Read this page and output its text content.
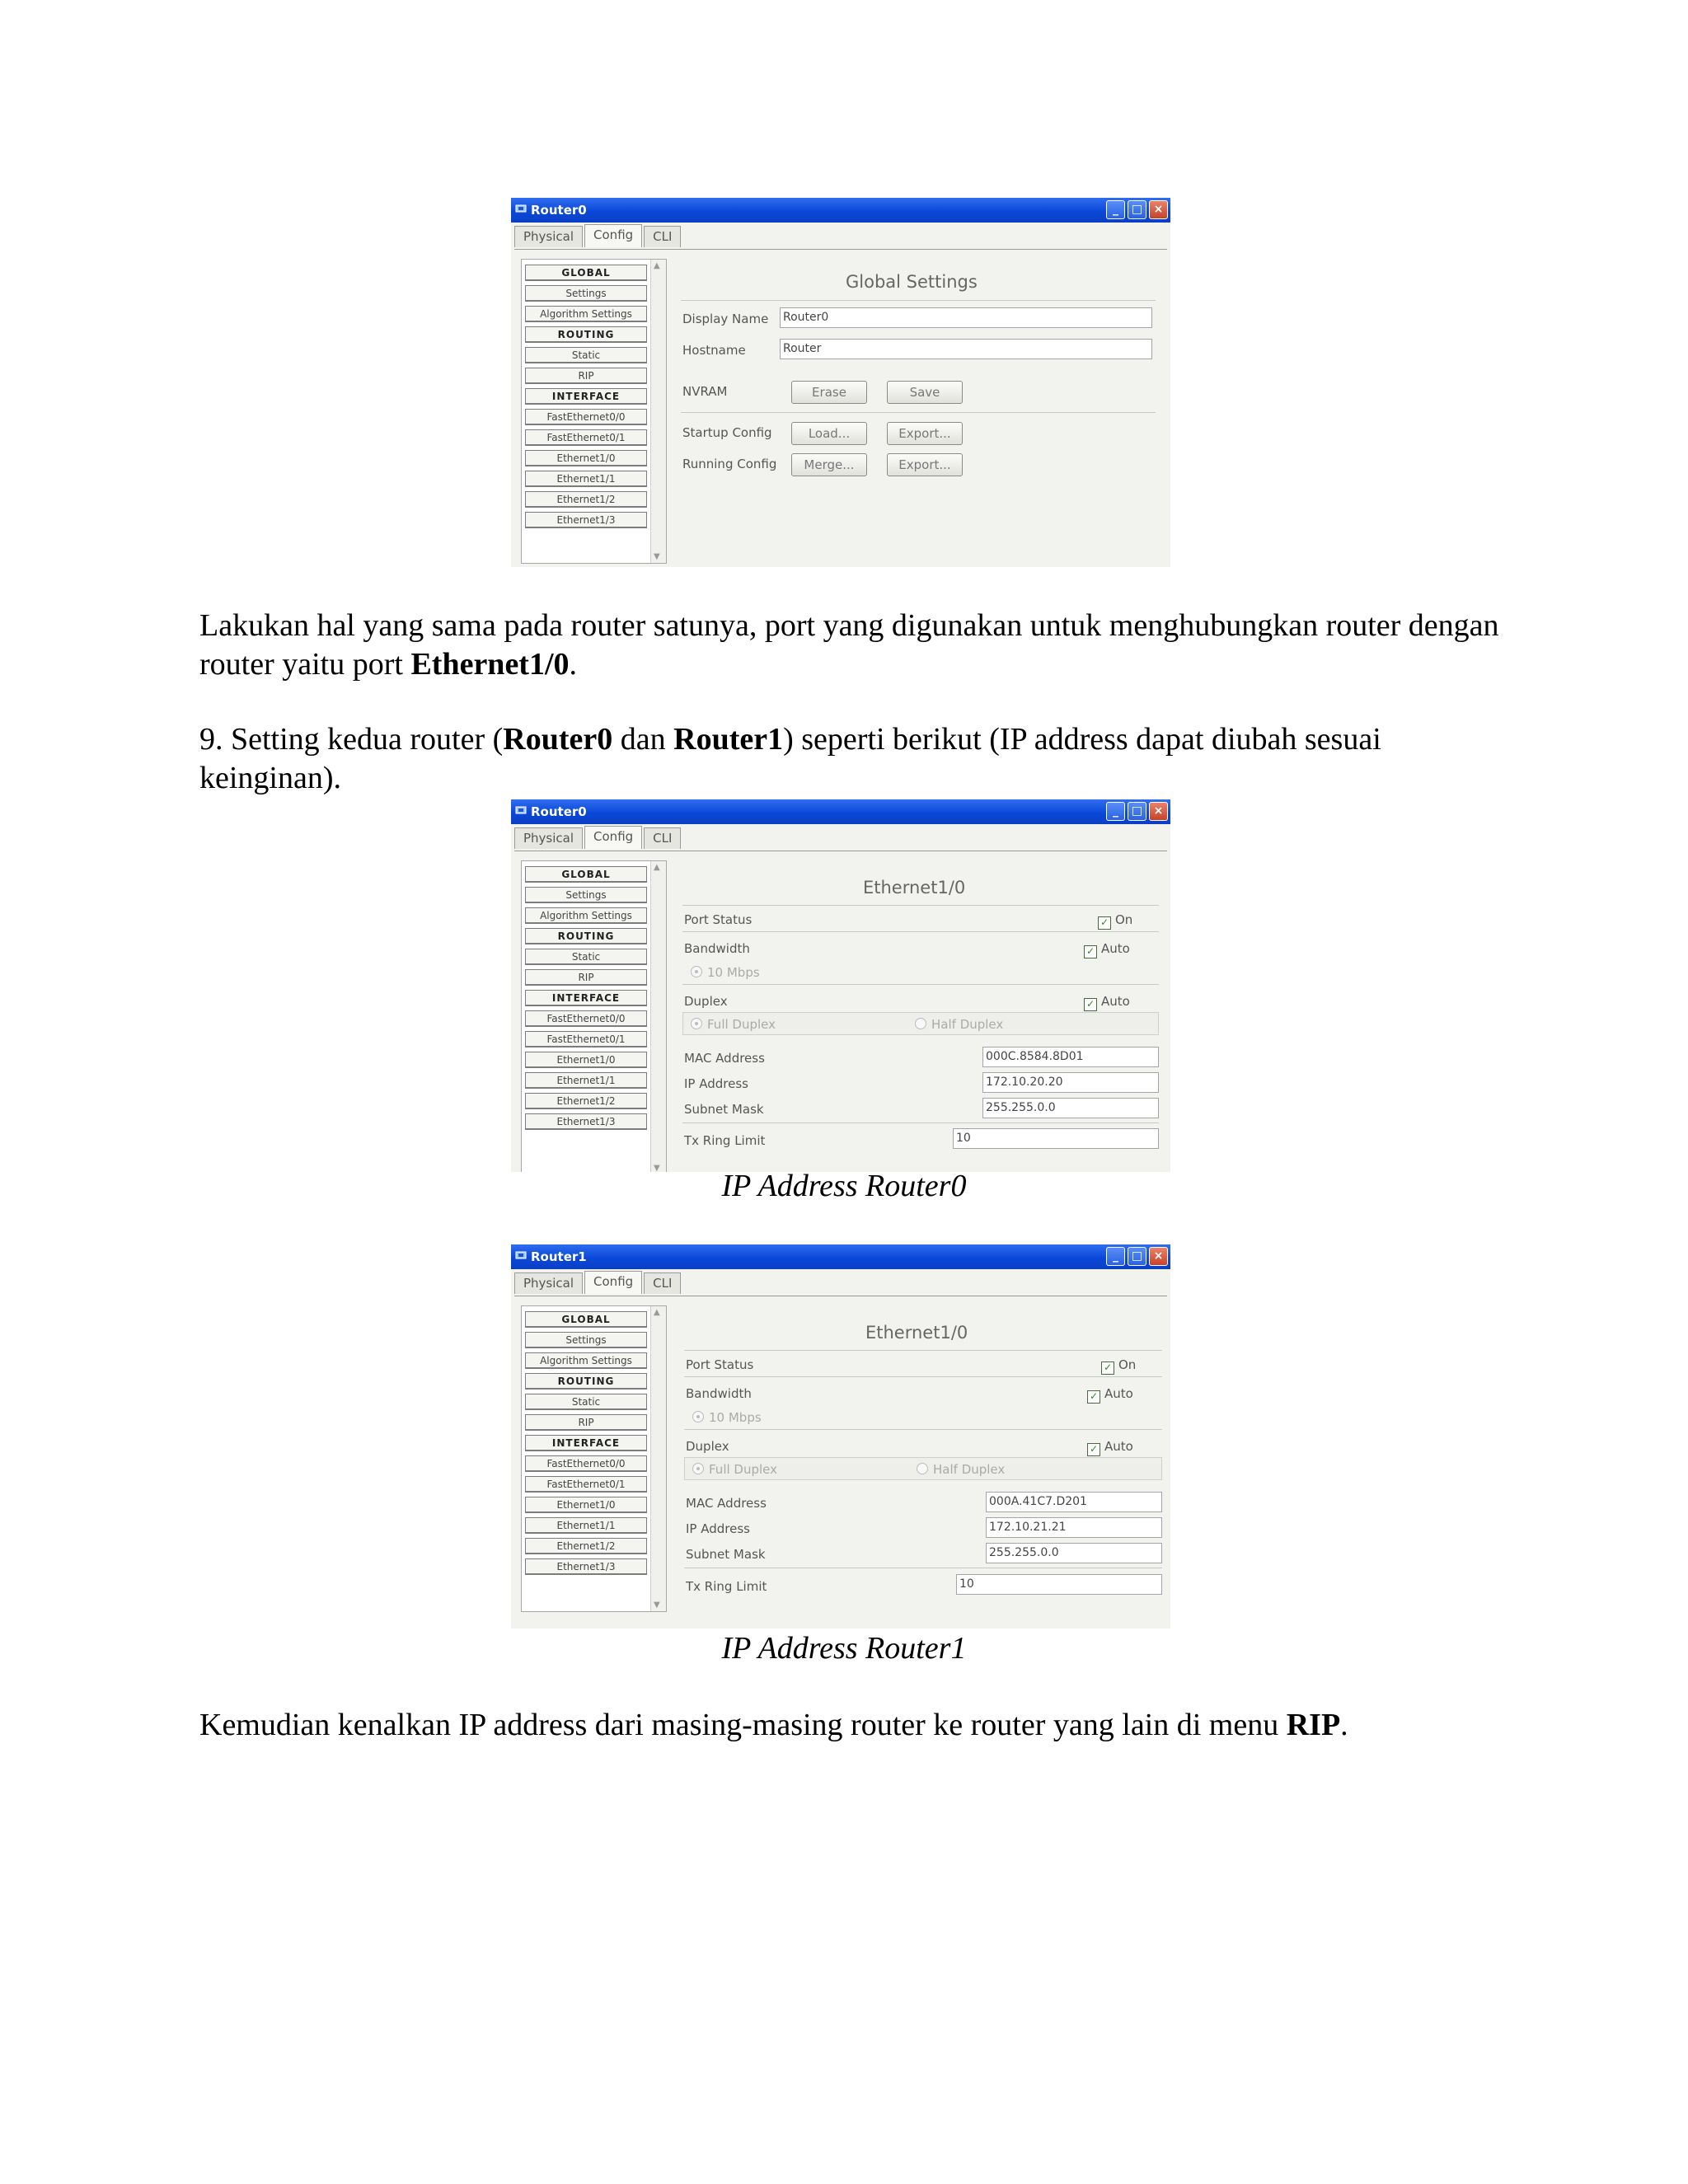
Router0	_	□ ×
Physical	Config	CLI
GLOBAL
Settings
Algorithm Settings
ROUTING
Static
RIP
INTERFACE
FastEthernet0/0
FastEthernet0/1
Ethernet1/0
Ethernet1/1
Ethernet1/2
Ethernet1/3
▲
▼
Global Settings
Display Name Router0
Hostname	Router
NVRAM	Erase	Save
Startup Config	Load...	Export...
Running Config	Merge...	Export...

Lakukan hal yang sama pada router satunya, port yang digunakan untuk menghubungkan router dengan router yaitu port Ethernet1/0.

9. Setting kedua router (Router0 dan Router1) seperti berikut (IP address dapat diubah sesuai keinginan).

Router0	_	□ ×
Physical	Config	CLI
GLOBAL
Settings
Algorithm Settings
ROUTING
Static
RIP
INTERFACE
FastEthernet0/0
FastEthernet0/1
Ethernet1/0
Ethernet1/1
Ethernet1/2
Ethernet1/3
▲
▼
Ethernet1/0
Port Status	✓ On
Bandwidth	✓ Auto
10 Mbps
Duplex	✓ Auto
Full Duplex	Half Duplex
MAC Address	000C.8584.8D01
IP Address	172.10.20.20
Subnet Mask	255.255.0.0
Tx Ring Limit	10
IP Address Router0
Router1	_	□ ×
Physical	Config	CLI
GLOBAL
Settings
Algorithm Settings
ROUTING
Static
RIP
INTERFACE
FastEthernet0/0
FastEthernet0/1
Ethernet1/0
Ethernet1/1
Ethernet1/2
Ethernet1/3
▲
▼
Ethernet1/0
Port Status	✓ On
Bandwidth	✓ Auto
10 Mbps
Duplex	✓ Auto
Full Duplex	Half Duplex
MAC Address	000A.41C7.D201
IP Address	172.10.21.21
Subnet Mask	255.255.0.0
Tx Ring Limit	10
IP Address Router1

Kemudian kenalkan IP address dari masing-masing router ke router yang lain di menu RIP.
